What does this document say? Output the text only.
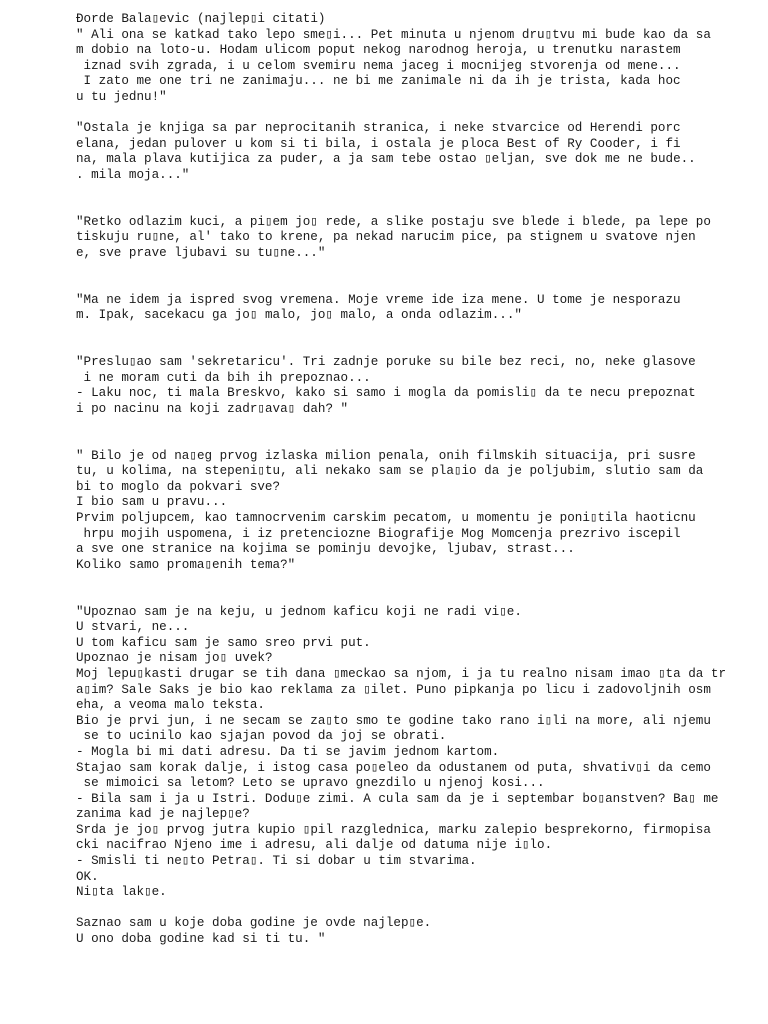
Đorde Bala▯еvic (najlep▯i citati)
" Ali ona se katkad tako lepo sme▯i... Pet minuta u njenom dru▯tvu mi bude kao da sa
m dobio na loto-u. Hodam ulicom poput nekog narodnog heroja, u trenutku narastem
iznad svih zgrada, i u celom svemiru nema jaceg i mocnijeg stvorenja od mene...
I zato me one tri ne zanimaju... ne bi me zanimale ni da ih je trista, kada hoc
u tu jednu!"

"Ostala je knjiga sa par neprocitanih stranica, i neke stvarcice od Herendi porc
elana, jedan pulover u kom si ti bila, i ostala je ploca Best of Ry Cooder, i fi
na, mala plava kutijica za puder, a ja sam tebe ostao ▯eljan, sve dok me ne bude..
. mila moja..."

"Retko odlazim kuci, a pi▯em jo▯ rede, a slike postaju sve blede i blede, pa lepe po
tiskuju ru▯ne, al' tako to krene, pa nekad narucim pice, pa stignem u svatove njen
e, sve prave ljubavi su tu▯ne..."

"Ma ne idem ja ispred svog vremena. Moje vreme ide iza mene. U tome je nesporazu
m. Ipak, sacekacu ga jo▯ malo, jo▯ malo, a onda odlazim..."

"Preslu▯ao sam 'sekretaricu'. Tri zadnje poruke su bile bez reci, no, neke glasove
i ne moram cuti da bih ih prepoznao...
- Laku noc, ti mala Breskvo, kako si samo i mogla da pomisli▯ da te necu prepoznat
i po nacinu na koji zadr▯ava▯ dah? "

" Bilo je od na▯eg prvog izlaska milion penala, onih filmskih situacija, pri susre
tu, u kolima, na stepeni▯tu, ali nekako sam se pla▯io da je poljubim, slutio sam da
bi to moglo da pokvari sve?
I bio sam u pravu...
Prvim poljupcem, kao tamnocrvenim carskim pecatom, u momentu je poni▯tila haoticnu
hrpu mojih uspomena, i iz pretenciozne Biografije Mog Momcenja prezrivo iscepil
a sve one stranice na kojima se pominju devojke, ljubav, strast...
Koliko samo proma▯enih tema?"

"Upoznao sam je na keju, u jednom kaficu koji ne radi vi▯e.
U stvari, ne...
U tom kaficu sam je samo sreo prvi put.
Upoznao je nisam jo▯ uvek?
Moj lepu▯kasti drugar se tih dana ▯meckao sa njom, i ja tu realno nisam imao ▯ta da tr
a▯im? Sale Saks je bio kao reklama za ▯ilet. Puno pipkanja po licu i zadovoljnih osm
eha, a veoma malo teksta.
Bio je prvi jun, i ne secam se za▯to smo te godine tako rano i▯li na more, ali njemu
se to ucinilo kao sjajan povod da joj se obrati.
- Mogla bi mi dati adresu. Da ti se javim jednom kartom.
Stajao sam korak dalje, i istog casa po▯eleo da odustanem od puta, shvativ▯i da cemo
se mimoici sa letom? Leto se upravo gnezdilo u njenoj kosi...
- Bila sam i ja u Istri. Dodu▯e zimi. A cula sam da je i septembar bo▯anstven? Ba▯ me
zanima kad je najlep▯e?
Srda je jo▯ prvog jutra kupio ▯pil razglednica, marku zalepio besprekorno, firmopisa
cki nacifrao Njeno ime i adresu, ali dalje od datuma nije i▯lo.
- Smisli ti ne▯to Petra▯. Ti si dobar u tim stvarima.
OK.
Ni▯ta lak▯e.

Saznao sam u koje doba godine je ovde najlep▯e.
U ono doba godine kad si ti tu. "
